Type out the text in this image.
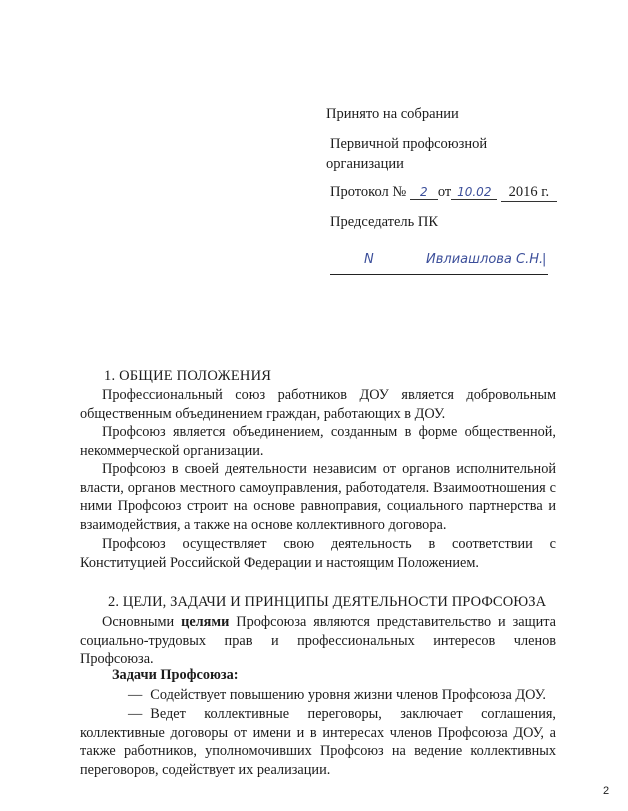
Принято на собрании
Первичной профсоюзной
организации
Протокол № 2 от 10.02 2016 г.
Председатель ПК
N	Ивлиашлова С.Н.
|
1. ОБЩИЕ ПОЛОЖЕНИЯ
Профессиональный союз работников ДОУ является добровольным общественным объединением граждан, работающих в ДОУ.
Профсоюз является объединением, созданным в форме общественной, некоммерческой организации.
Профсоюз в своей деятельности независим от органов исполнительной власти, органов местного самоуправления, работодателя. Взаимоотношения с ними Профсоюз строит на основе равноправия, социального партнерства и взаимодействия, а также на основе коллективного договора.
Профсоюз осуществляет свою деятельность в соответствии с Конституцией Российской Федерации и настоящим Положением.
2. ЦЕЛИ, ЗАДАЧИ И ПРИНЦИПЫ ДЕЯТЕЛЬНОСТИ ПРОФСОЮЗА
Основными целями Профсоюза являются представительство и защита социально-трудовых прав и профессиональных интересов членов Профсоюза.
Задачи Профсоюза:
— Содействует повышению уровня жизни членов Профсоюза ДОУ.
— Ведет коллективные переговоры, заключает соглашения, коллективные договоры от имени и в интересах членов Профсоюза ДОУ, а также работников, уполномочивших Профсоюз на ведение коллективных переговоров, содействует их реализации.
2
